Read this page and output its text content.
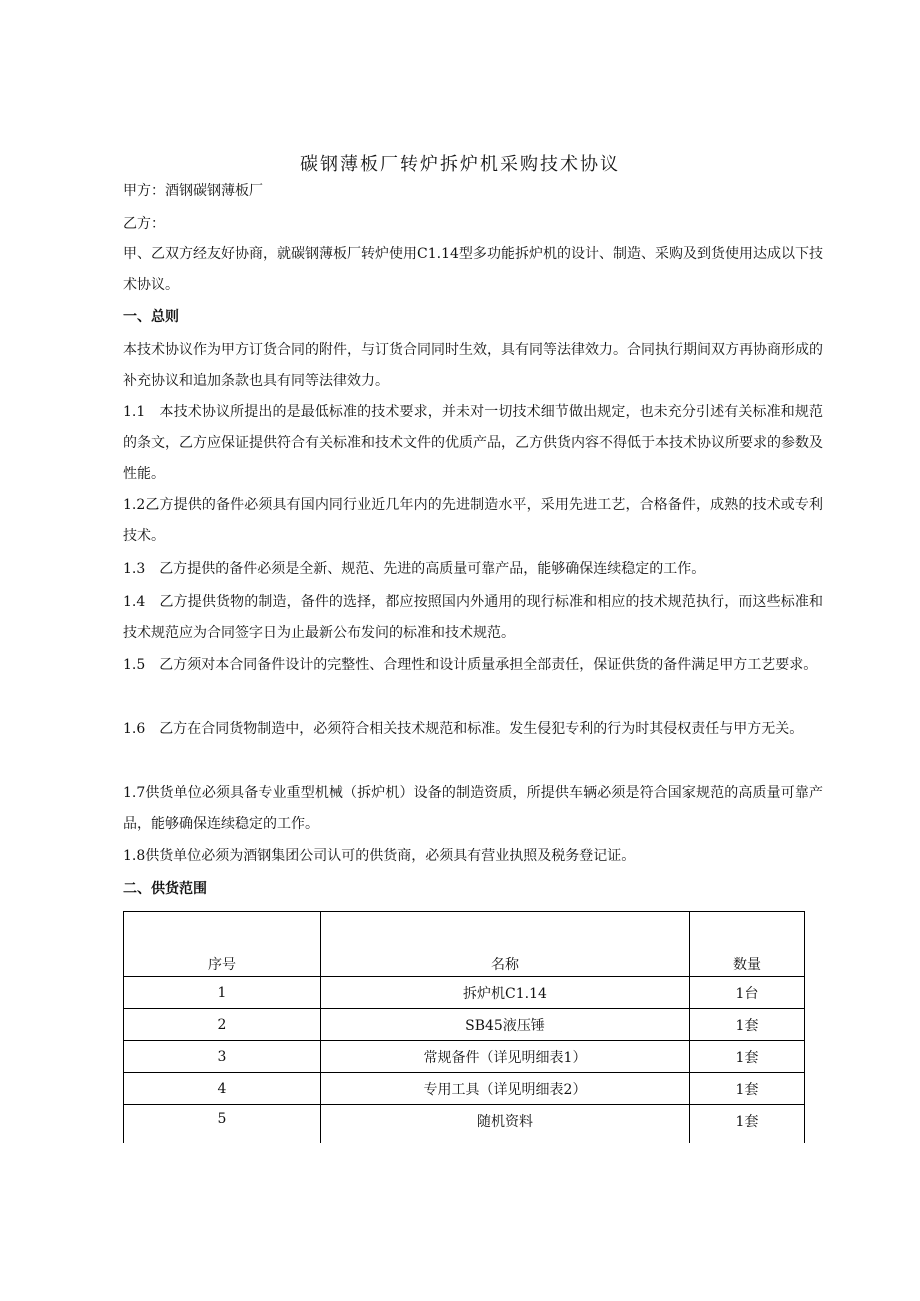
碳钢薄板厂转炉拆炉机采购技术协议

甲方：酒钢碳钢薄板厂

乙方：

甲、乙双方经友好协商，就碳钢薄板厂转炉使用C1.14型多功能拆炉机的设计、制造、采购及到货使用达成以下技术协议。

一、总则

本技术协议作为甲方订货合同的附件，与订货合同同时生效，具有同等法律效力。合同执行期间双方再协商形成的补充协议和追加条款也具有同等法律效力。

1.1　本技术协议所提出的是最低标准的技术要求，并未对一切技术细节做出规定，也未充分引述有关标准和规范的条文，乙方应保证提供符合有关标准和技术文件的优质产品，乙方供货内容不得低于本技术协议所要求的参数及性能。

1.2乙方提供的备件必须具有国内同行业近几年内的先进制造水平，采用先进工艺，合格备件，成熟的技术或专利技术。

1.3　乙方提供的备件必须是全新、规范、先进的高质量可靠产品，能够确保连续稳定的工作。

1.4　乙方提供货物的制造，备件的选择，都应按照国内外通用的现行标准和相应的技术规范执行，而这些标准和技术规范应为合同签字日为止最新公布发问的标准和技术规范。

1.5　乙方须对本合同备件设计的完整性、合理性和设计质量承担全部责任，保证供货的备件满足甲方工艺要求。

1.6　乙方在合同货物制造中，必须符合相关技术规范和标准。发生侵犯专利的行为时其侵权责任与甲方无关。

1.7供货单位必须具备专业重型机械（拆炉机）设备的制造资质，所提供车辆必须是符合国家规范的高质量可靠产品，能够确保连续稳定的工作。

1.8供货单位必须为酒钢集团公司认可的供货商，必须具有营业执照及税务登记证。

二、供货范围

序号	名称	数量
1	拆炉机C1.14	1台
2	SB45液压锤	1套
3	常规备件（详见明细表1）	1套
4	专用工具（详见明细表2）	1套
5	随机资料	1套
